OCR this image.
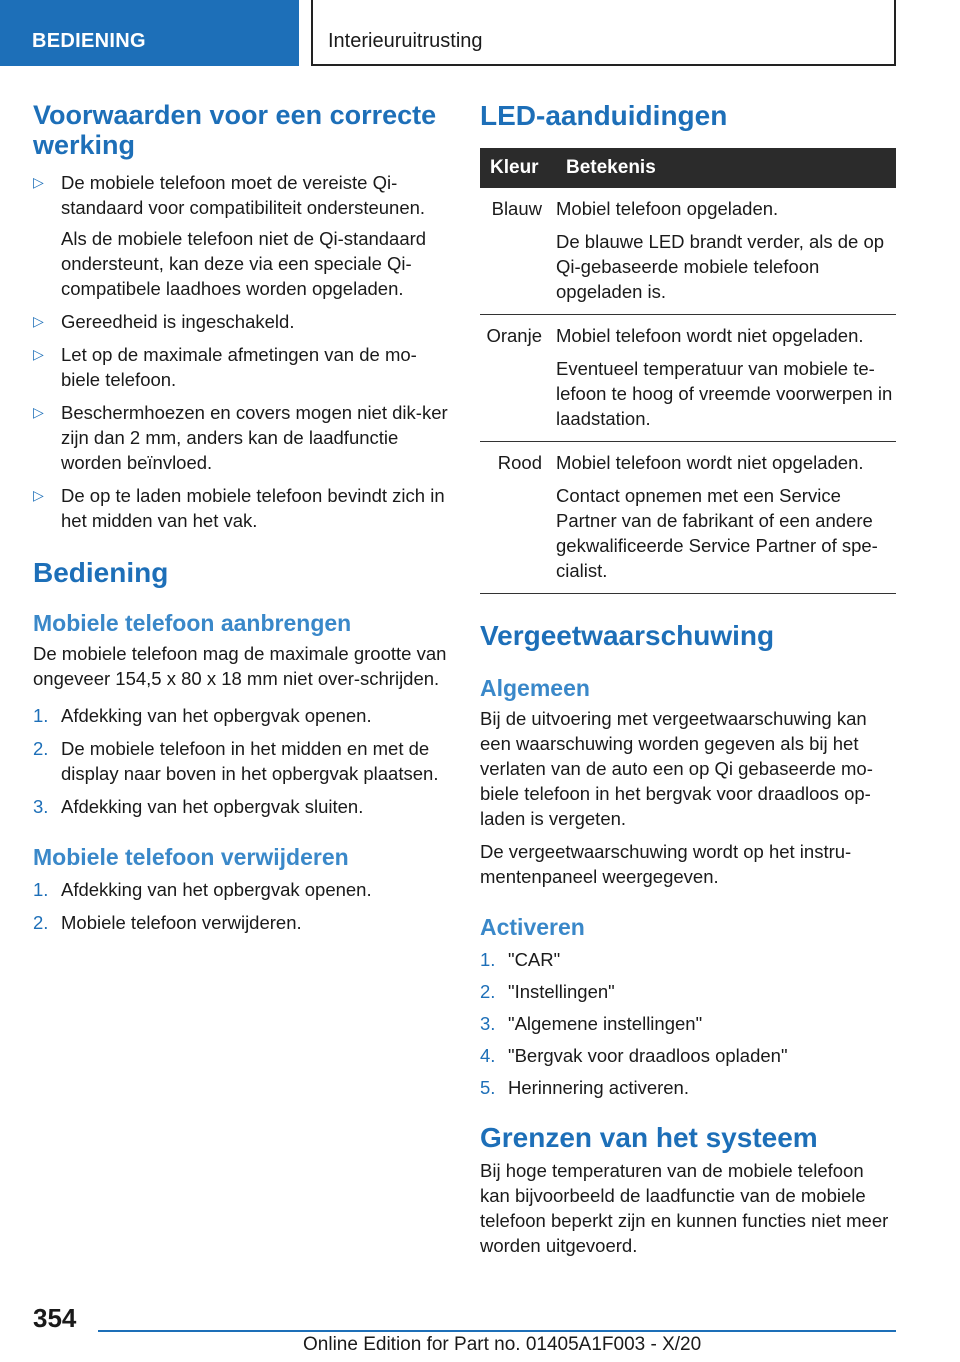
BEDIENING	Interieuruitrusting
Voorwaarden voor een correcte werking
▷ De mobiele telefoon moet de vereiste Qi-standaard voor compatibiliteit ondersteunen.

Als de mobiele telefoon niet de Qi-standaard ondersteunt, kan deze via een speciale Qi-compatibele laadhoes worden opgeladen.

▷ Gereedheid is ingeschakeld.

▷ Let op de maximale afmetingen van de mo-biele telefoon.

▷ Beschermhoezen en covers mogen niet dik-ker zijn dan 2 mm, anders kan de laadfunctie worden beïnvloed.

▷ De op te laden mobiele telefoon bevindt zich in het midden van het vak.

Bediening
Mobiele telefoon aanbrengen

De mobiele telefoon mag de maximale grootte van ongeveer 154,5 x 80 x 18 mm niet over-schrijden.

1. Afdekking van het opbergvak openen.
2. De mobiele telefoon in het midden en met de display naar boven in het opbergvak plaatsen.
3. Afdekking van het opbergvak sluiten.
Mobiele telefoon verwijderen
1. Afdekking van het opbergvak openen.
2. Mobiele telefoon verwijderen.
LED-aanduidingen
Kleur	Betekenis
Blauw	Mobiel telefoon opgeladen.

De blauwe LED brandt verder, als de op Qi-gebaseerde mobiele telefoon opgeladen is.

Oranje	Mobiel telefoon wordt niet opgeladen.

Eventueel temperatuur van mobiele te-lefoon te hoog of vreemde voorwerpen in laadstation.

Rood	Mobiel telefoon wordt niet opgeladen.

Contact opnemen met een Service Partner van de fabrikant of een andere gekwalificeerde Service Partner of spe-cialist.

Vergeetwaarschuwing
Algemeen

Bij de uitvoering met vergeetwaarschuwing kan een waarschuwing worden gegeven als bij het verlaten van de auto een op Qi gebaseerde mo-biele telefoon in het bergvak voor draadloos op-laden is vergeten.

De vergeetwaarschuwing wordt op het instru-mentenpaneel weergegeven.

Activeren
1. "CAR"
2. "Instellingen"
3. "Algemene instellingen"
4. "Bergvak voor draadloos opladen"
5. Herinnering activeren.
Grenzen van het systeem

Bij hoge temperaturen van de mobiele telefoon kan bijvoorbeeld de laadfunctie van de mobiele telefoon beperkt zijn en kunnen functies niet meer worden uitgevoerd.

354
Online Edition for Part no. 01405A1F003 - X/20
